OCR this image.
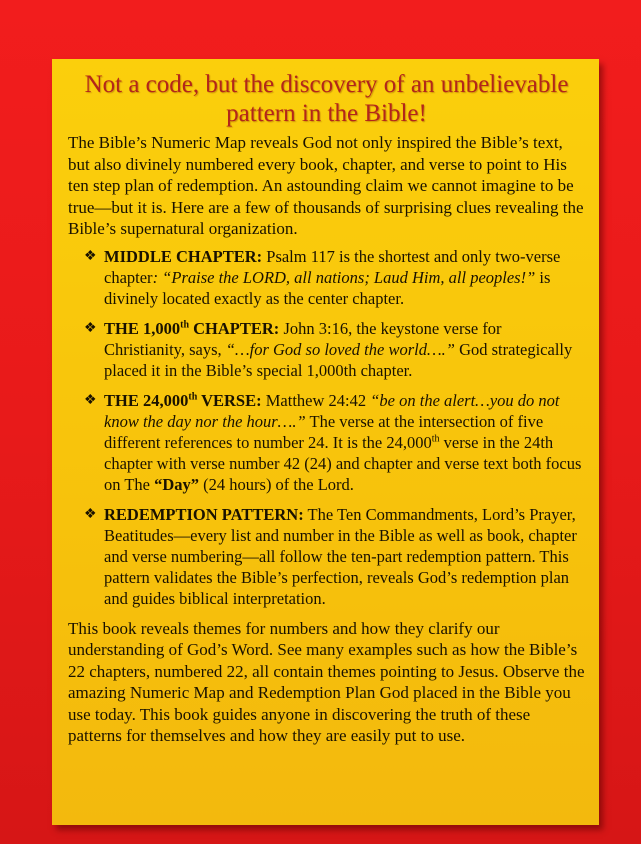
Not a code, but the discovery of an unbelievable
pattern in the Bible!

The Bible’s Numeric Map reveals God not only inspired the Bible’s text, but also divinely numbered every book, chapter, and verse to point to His ten step plan of redemption. An astounding claim we cannot imagine to be true—but it is. Here are a few of thousands of surprising clues revealing the Bible’s supernatural organization.

❖ MIDDLE CHAPTER: Psalm 117 is the shortest and only two-verse chapter: “Praise the LORD, all nations; Laud Him, all peoples!” is divinely located exactly as the center chapter.
❖ THE 1,000th CHAPTER: John 3:16, the keystone verse for Christianity, says, “…for God so loved the world….” God strategically placed it in the Bible’s special 1,000th chapter.
❖ THE 24,000th VERSE: Matthew 24:42 “be on the alert…you do not know the day nor the hour….” The verse at the intersection of five different references to number 24. It is the 24,000th verse in the 24th chapter with verse number 42 (24) and chapter and verse text both focus on The “Day” (24 hours) of the Lord.
❖ REDEMPTION PATTERN: The Ten Commandments, Lord’s Prayer, Beatitudes—every list and number in the Bible as well as book, chapter and verse numbering—all follow the ten-part redemption pattern. This pattern validates the Bible’s perfection, reveals God’s redemption plan and guides biblical interpretation.

This book reveals themes for numbers and how they clarify our understanding of God’s Word. See many examples such as how the Bible’s 22 chapters, numbered 22, all contain themes pointing to Jesus. Observe the amazing Numeric Map and Redemption Plan God placed in the Bible you use today. This book guides anyone in discovering the truth of these patterns for themselves and how they are easily put to use.
